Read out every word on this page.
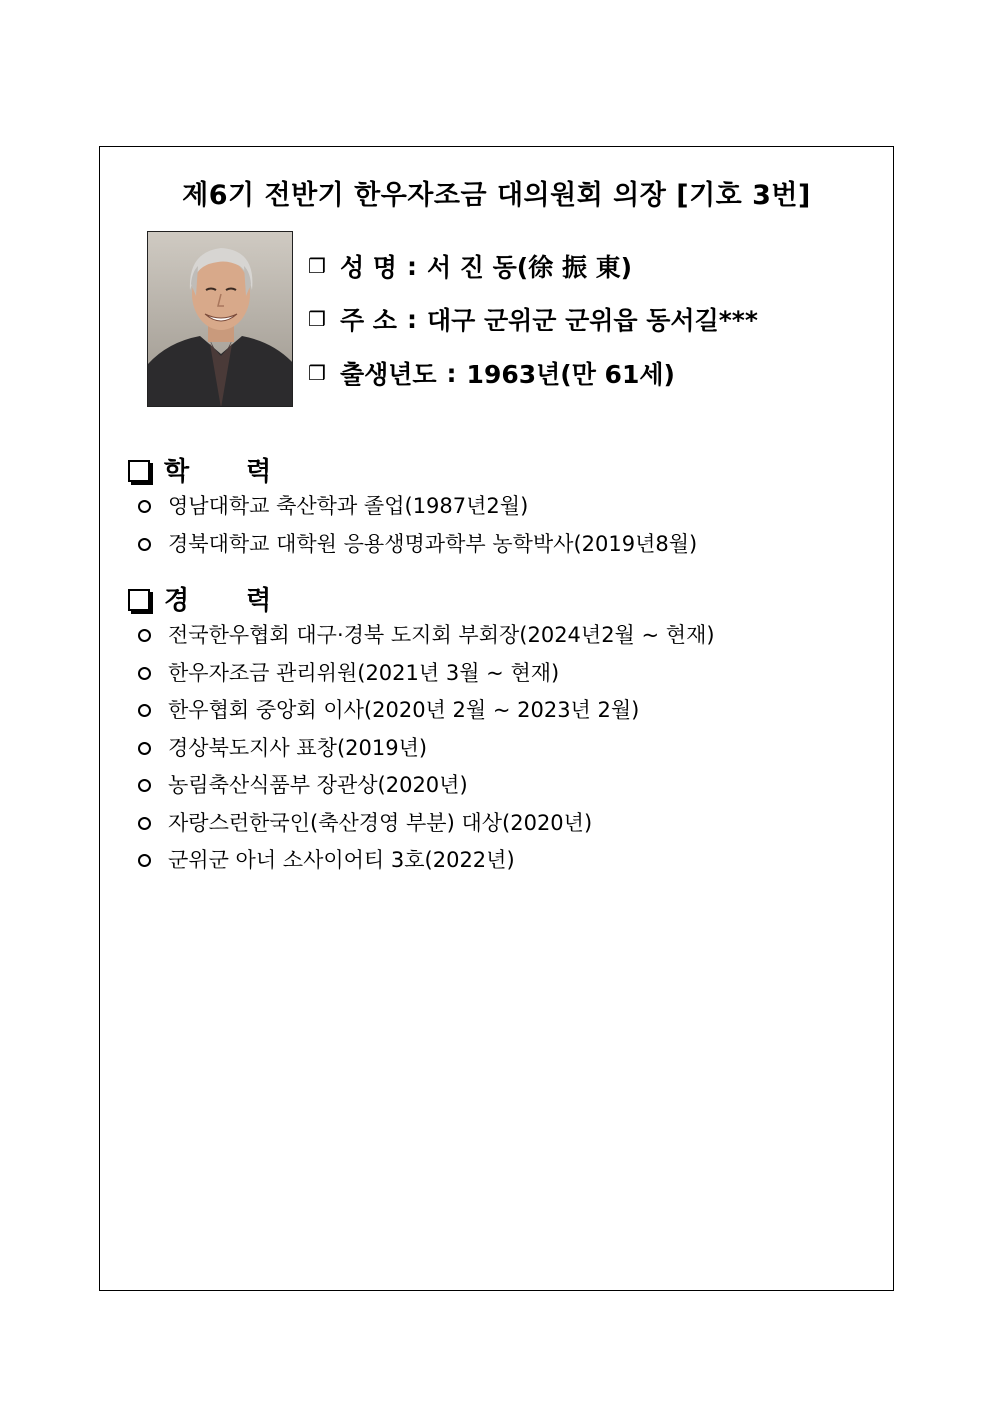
제6기 전반기 한우자조금 대의원회 의장 [기호 3번]
❒ 성 명 : 서 진 동(徐 振 東)
❒ 주 소 : 대구 군위군 군위읍 동서길***
❒ 출생년도 : 1963년(만 61세)
학 력
영남대학교 축산학과 졸업(1987년2월)
경북대학교 대학원 응용생명과학부 농학박사(2019년8월)
경 력
전국한우협회 대구·경북 도지회 부회장(2024년2월 ~ 현재)
한우자조금 관리위원(2021년 3월 ~ 현재)
한우협회 중앙회 이사(2020년 2월 ~ 2023년 2월)
경상북도지사 표창(2019년)
농림축산식품부 장관상(2020년)
자랑스런한국인(축산경영 부분) 대상(2020년)
군위군 아너 소사이어티 3호(2022년)
